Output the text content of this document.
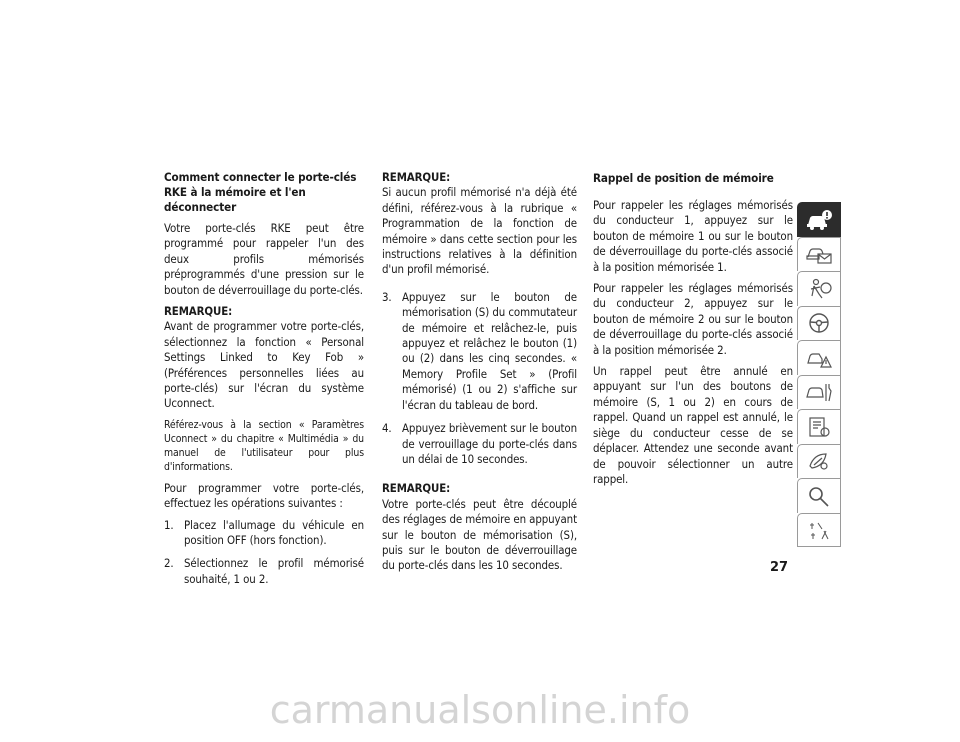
Comment connecter le porte-clés RKE à la mémoire et l'en déconnecter

Votre porte-clés RKE peut être programmé pour rappeler l'un des deux profils mémorisés préprogrammés d'une pression sur le bouton de déverrouillage du porte-clés.

REMARQUE:

Avant de programmer votre porte-clés, sélectionnez la fonction « Personal Settings Linked to Key Fob » (Préférences personnelles liées au porte-clés) sur l'écran du système Uconnect.

Référez-vous à la section « Paramètres Uconnect » du chapitre « Multimédia » du manuel de l'utilisateur pour plus d'informations.

Pour programmer votre porte-clés, effectuez les opérations suivantes :

1. Placez l'allumage du véhicule en position OFF (hors fonction).
2. Sélectionnez le profil mémorisé souhaité, 1 ou 2.
REMARQUE:

Si aucun profil mémorisé n'a déjà été défini, référez-vous à la rubrique « Programmation de la fonction de mémoire » dans cette section pour les instructions relatives à la définition d'un profil mémorisé.

3. Appuyez sur le bouton de mémorisation (S) du commutateur de mémoire et relâchez-le, puis appuyez et relâchez le bouton (1) ou (2) dans les cinq secondes. « Memory Profile Set » (Profil mémorisé) (1 ou 2) s'affiche sur l'écran du tableau de bord.
4. Appuyez brièvement sur le bouton de verrouillage du porte-clés dans un délai de 10 secondes.
REMARQUE:

Votre porte-clés peut être découplé des réglages de mémoire en appuyant sur le bouton de mémorisation (S), puis sur le bouton de déverrouillage du porte-clés dans les 10 secondes.

Rappel de position de mémoire

Pour rappeler les réglages mémorisés du conducteur 1, appuyez sur le bouton de mémoire 1 ou sur le bouton de déverrouillage du porte-clés associé à la position mémorisée 1.

Pour rappeler les réglages mémorisés du conducteur 2, appuyez sur le bouton de mémoire 2 ou sur le bouton de déverrouillage du porte-clés associé à la position mémorisée 2.

Un rappel peut être annulé en appuyant sur l'un des boutons de mémoire (S, 1 ou 2) en cours de rappel. Quand un rappel est annulé, le siège du conducteur cesse de se déplacer. Attendez une seconde avant de pouvoir sélectionner un autre rappel.

27
carmanualsonline.info
